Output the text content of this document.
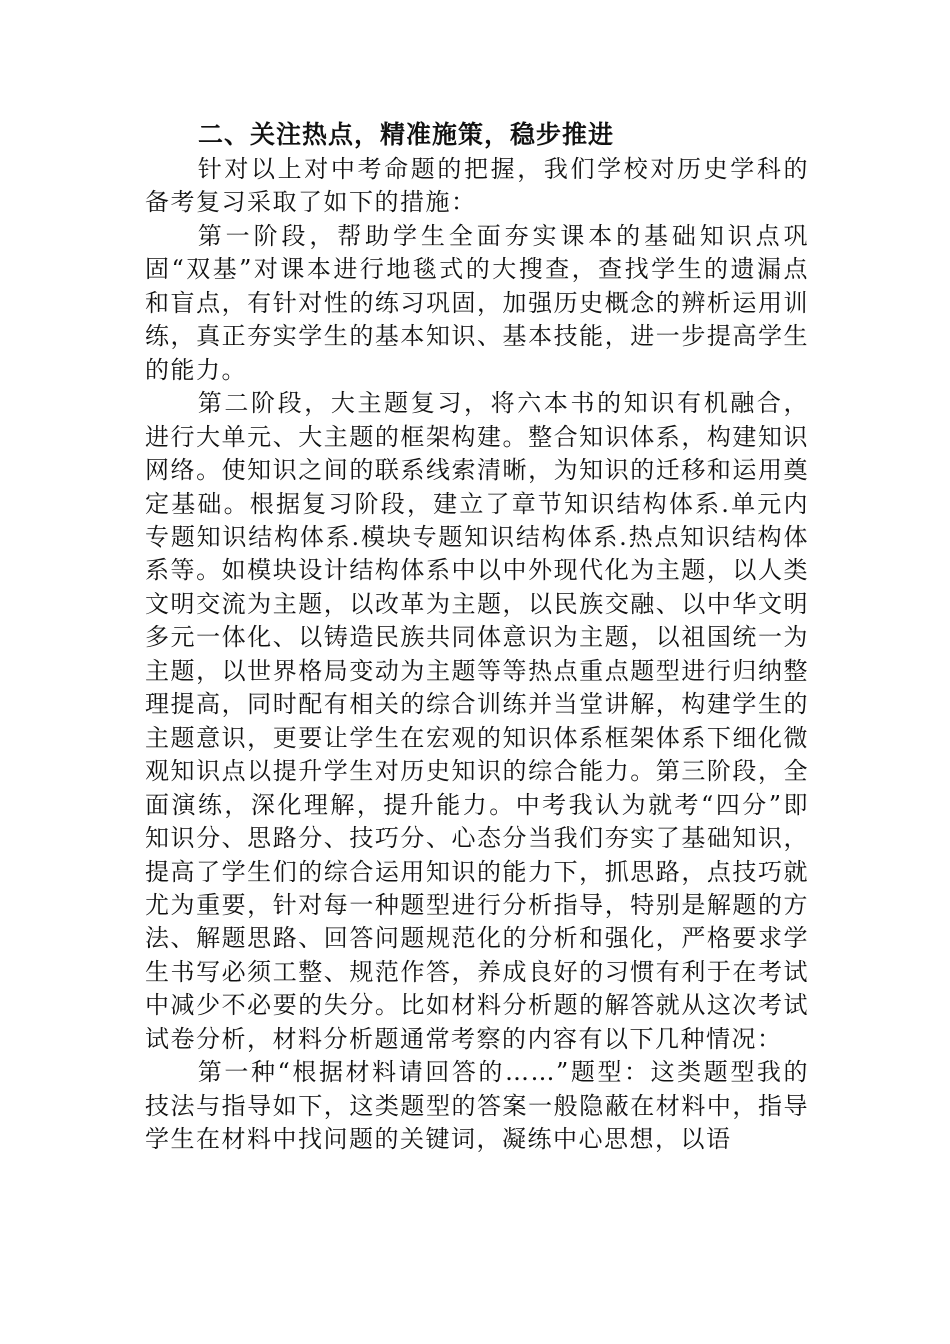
二、关注热点，精准施策，稳步推进

针对以上对中考命题的把握，我们学校对历史学科的备考复习采取了如下的措施：

第一阶段，帮助学生全面夯实课本的基础知识点巩固“双基”对课本进行地毯式的大搜查，查找学生的遗漏点和盲点，有针对性的练习巩固，加强历史概念的辨析运用训练，真正夯实学生的基本知识、基本技能，进一步提高学生的能力。

第二阶段，大主题复习，将六本书的知识有机融合，进行大单元、大主题的框架构建。整合知识体系，构建知识网络。使知识之间的联系线索清晰，为知识的迁移和运用奠定基础。根据复习阶段，建立了章节知识结构体系.单元内专题知识结构体系.模块专题知识结构体系.热点知识结构体系等。如模块设计结构体系中以中外现代化为主题，以人类文明交流为主题，以改革为主题，以民族交融、以中华文明多元一体化、以铸造民族共同体意识为主题，以祖国统一为主题，以世界格局变动为主题等等热点重点题型进行归纳整理提高，同时配有相关的综合训练并当堂讲解，构建学生的主题意识，更要让学生在宏观的知识体系框架体系下细化微观知识点以提升学生对历史知识的综合能力。第三阶段，全面演练，深化理解，提升能力。中考我认为就考“四分”即知识分、思路分、技巧分、心态分当我们夯实了基础知识，提高了学生们的综合运用知识的能力下，抓思路，点技巧就尤为重要，针对每一种题型进行分析指导，特别是解题的方法、解题思路、回答问题规范化的分析和强化，严格要求学生书写必须工整、规范作答，养成良好的习惯有利于在考试中减少不必要的失分。比如材料分析题的解答就从这次考试试卷分析，材料分析题通常考察的内容有以下几种情况：

第一种“根据材料请回答的……”题型：这类题型我的技法与指导如下，这类题型的答案一般隐蔽在材料中，指导学生在材料中找问题的关键词，凝练中心思想，以语
